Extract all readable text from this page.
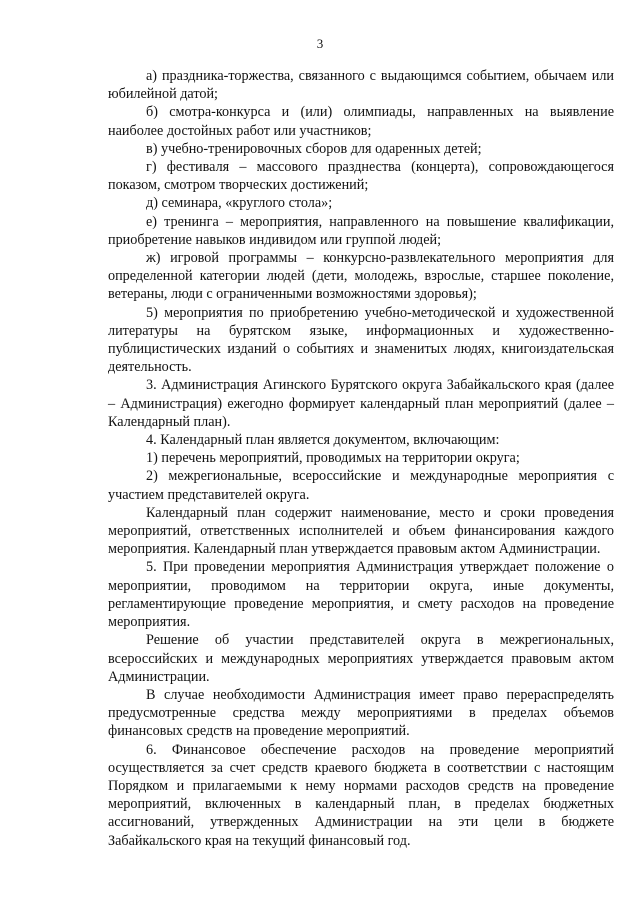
3

а) праздника-торжества, связанного с выдающимся событием, обычаем или юбилейной датой;

б) смотра-конкурса и (или) олимпиады, направленных на выявление наиболее достойных работ или участников;

в) учебно-тренировочных сборов для одаренных детей;

г) фестиваля – массового празднества (концерта), сопровождающегося показом, смотром творческих достижений;

д) семинара, «круглого стола»;

е) тренинга – мероприятия, направленного на повышение квалификации, приобретение навыков индивидом или группой людей;

ж) игровой программы – конкурсно-развлекательного мероприятия для определенной категории людей (дети, молодежь, взрослые, старшее поколение, ветераны, люди с ограниченными возможностями здоровья);

5) мероприятия по приобретению учебно-методической и художественной литературы на бурятском языке, информационных и художественно-публицистических изданий о событиях и знаменитых людях, книгоиздательская деятельность.

3. Администрация Агинского Бурятского округа Забайкальского края (далее – Администрация) ежегодно формирует календарный план мероприятий (далее – Календарный план).

4. Календарный план является документом, включающим:

1) перечень мероприятий, проводимых на территории округа;

2) межрегиональные, всероссийские и международные мероприятия с участием представителей округа.

Календарный план содержит наименование, место и сроки проведения мероприятий, ответственных исполнителей и объем финансирования каждого мероприятия. Календарный план утверждается правовым актом Администрации.

5. При проведении мероприятия Администрация утверждает положение о мероприятии, проводимом на территории округа, иные документы, регламентирующие проведение мероприятия, и смету расходов на проведение мероприятия.

Решение об участии представителей округа в межрегиональных, всероссийских и международных мероприятиях утверждается правовым актом Администрации.

В случае необходимости Администрация имеет право перераспределять предусмотренные средства между мероприятиями в пределах объемов финансовых средств на проведение мероприятий.

6. Финансовое обеспечение расходов на проведение мероприятий осуществляется за счет средств краевого бюджета в соответствии с настоящим Порядком и прилагаемыми к нему нормами расходов средств на проведение мероприятий, включенных в календарный план, в пределах бюджетных ассигнований, утвержденных Администрации на эти цели в бюджете Забайкальского края на текущий финансовый год.
